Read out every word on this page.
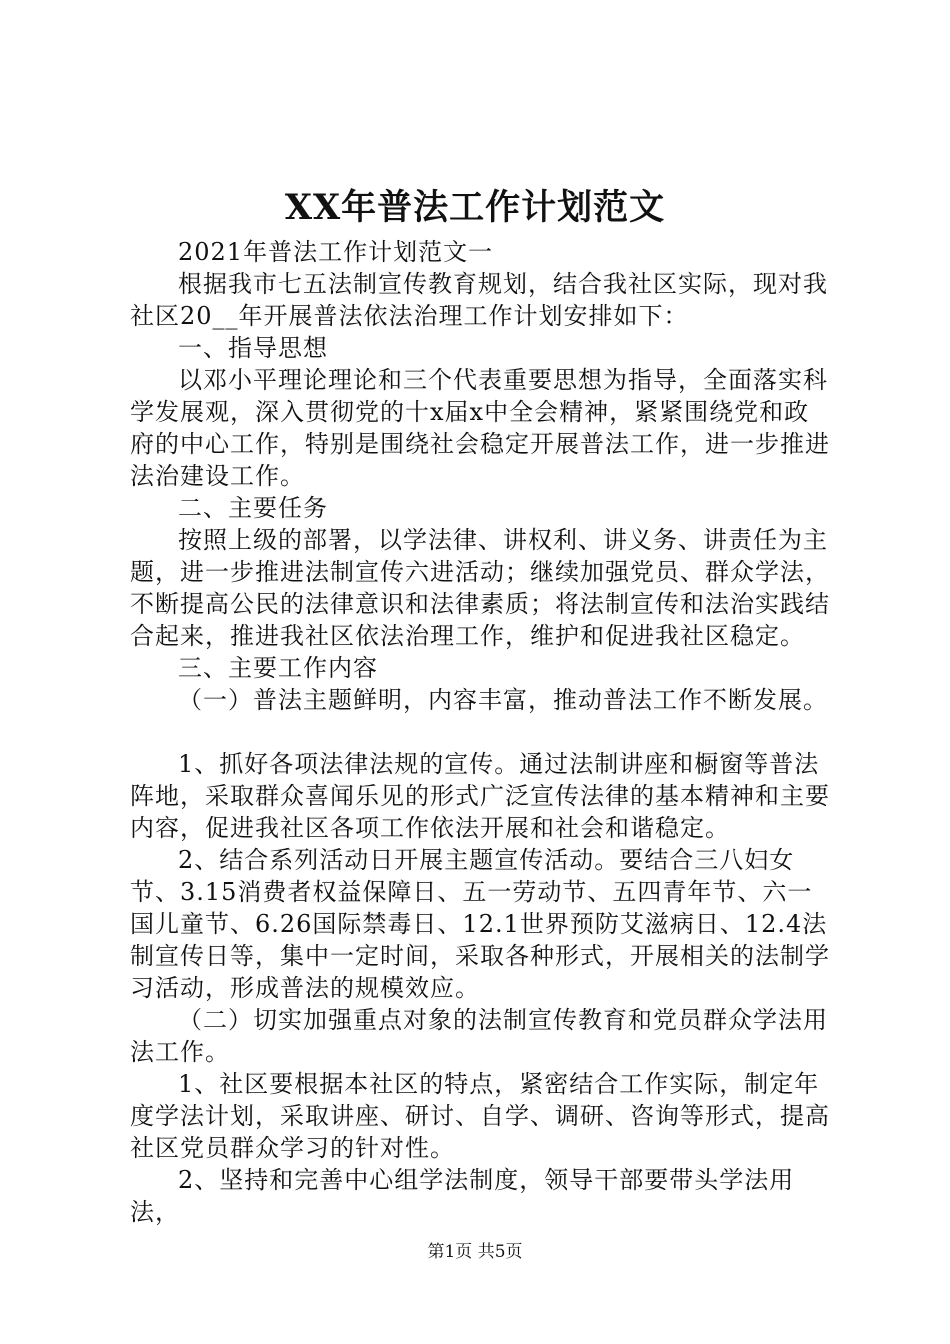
XX年普法工作计划范文

2021年普法工作计划范文一

根据我市七五法制宣传教育规划，结合我社区实际，现对我社区20__年开展普法依法治理工作计划安排如下：

一、指导思想

以邓小平理论理论和三个代表重要思想为指导，全面落实科学发展观，深入贯彻党的十x届x中全会精神，紧紧围绕党和政府的中心工作，特别是围绕社会稳定开展普法工作，进一步推进法治建设工作。

二、主要任务

按照上级的部署，以学法律、讲权利、讲义务、讲责任为主题，进一步推进法制宣传六进活动；继续加强党员、群众学法，不断提高公民的法律意识和法律素质；将法制宣传和法治实践结合起来，推进我社区依法治理工作，维护和促进我社区稳定。

三、主要工作内容

（一）普法主题鲜明，内容丰富，推动普法工作不断发展。

1、抓好各项法律法规的宣传。通过法制讲座和橱窗等普法阵地，采取群众喜闻乐见的形式广泛宣传法律的基本精神和主要内容，促进我社区各项工作依法开展和社会和谐稳定。

2、结合系列活动日开展主题宣传活动。要结合三八妇女节、3.15消费者权益保障日、五一劳动节、五四青年节、六一国儿童节、6.26国际禁毒日、12.1世界预防艾滋病日、12.4法制宣传日等，集中一定时间，采取各种形式，开展相关的法制学习活动，形成普法的规模效应。

（二）切实加强重点对象的法制宣传教育和党员群众学法用法工作。

1、社区要根据本社区的特点，紧密结合工作实际，制定年度学法计划，采取讲座、研讨、自学、调研、咨询等形式，提高社区党员群众学习的针对性。

2、坚持和完善中心组学法制度，领导干部要带头学法用法，

第1页 共5页
